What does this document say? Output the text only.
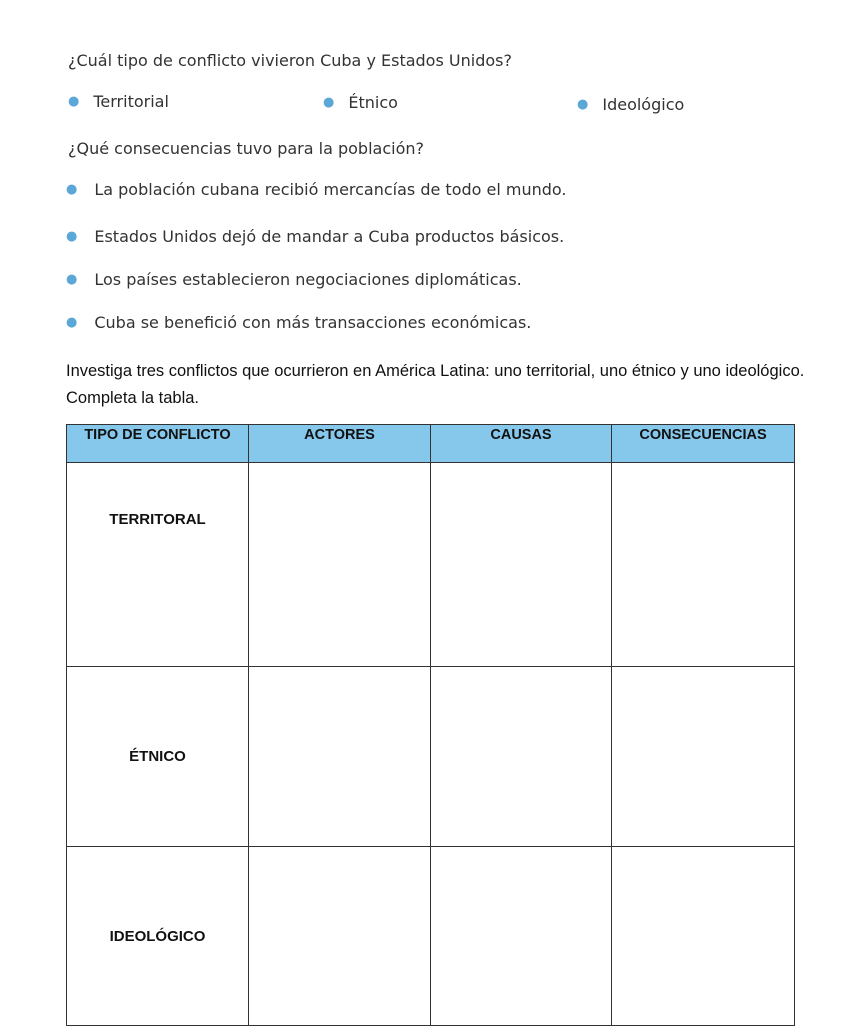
¿Cuál tipo de conflicto vivieron Cuba y Estados Unidos?
● Territorial	● Étnico	● Ideológico
¿Qué consecuencias tuvo para la población?
● La población cubana recibió mercancías de todo el mundo.
● Estados Unidos dejó de mandar a Cuba productos básicos.
● Los países establecieron negociaciones diplomáticas.
● Cuba se benefició con más transacciones económicas.
Investiga tres conflictos que ocurrieron en América Latina: uno territorial, uno étnico y uno ideológico. Completa la tabla.
TIPO DE CONFLICTO	ACTORES	CAUSAS	CONSECUENCIAS
TERRITORAL			
ÉTNICO			
IDEOLÓGICO			
